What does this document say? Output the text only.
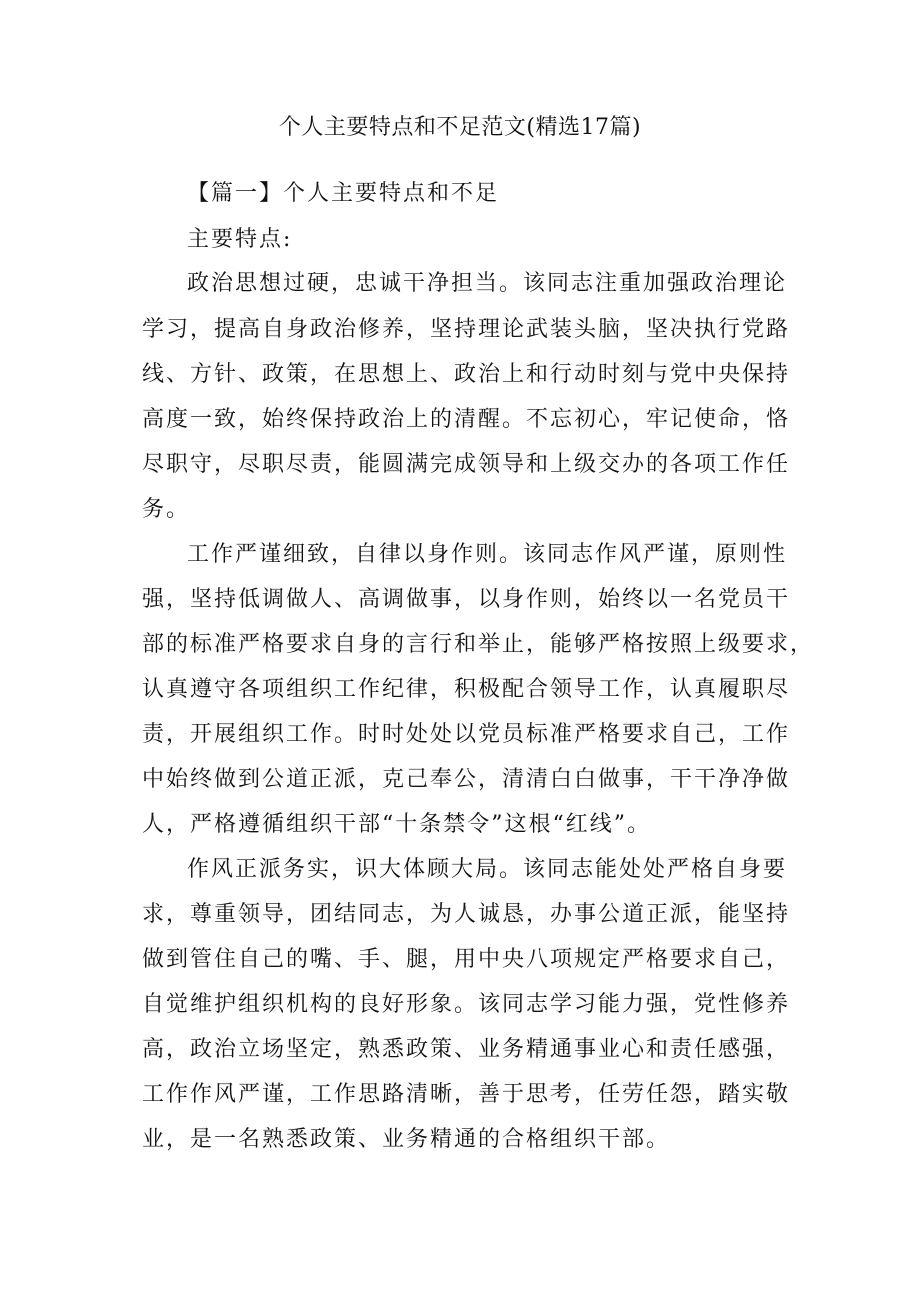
个人主要特点和不足范文(精选17篇)
【篇一】个人主要特点和不足
主要特点:
政治思想过硬，忠诚干净担当。该同志注重加强政治理论
学习，提高自身政治修养，坚持理论武装头脑，坚决执行党路
线、方针、政策，在思想上、政治上和行动时刻与党中央保持
高度一致，始终保持政治上的清醒。不忘初心，牢记使命，恪
尽职守，尽职尽责，能圆满完成领导和上级交办的各项工作任
务。
工作严谨细致，自律以身作则。该同志作风严谨，原则性
强，坚持低调做人、高调做事，以身作则，始终以一名党员干
部的标准严格要求自身的言行和举止，能够严格按照上级要求，
认真遵守各项组织工作纪律，积极配合领导工作，认真履职尽
责，开展组织工作。时时处处以党员标准严格要求自己，工作
中始终做到公道正派，克己奉公，清清白白做事，干干净净做
人，严格遵循组织干部“十条禁令”这根“红线”。
作风正派务实，识大体顾大局。该同志能处处严格自身要
求，尊重领导，团结同志，为人诚恳，办事公道正派，能坚持
做到管住自己的嘴、手、腿，用中央八项规定严格要求自己，
自觉维护组织机构的良好形象。该同志学习能力强，党性修养
高，政治立场坚定，熟悉政策、业务精通事业心和责任感强，
工作作风严谨，工作思路清晰，善于思考，任劳任怨，踏实敬
业，是一名熟悉政策、业务精通的合格组织干部。
